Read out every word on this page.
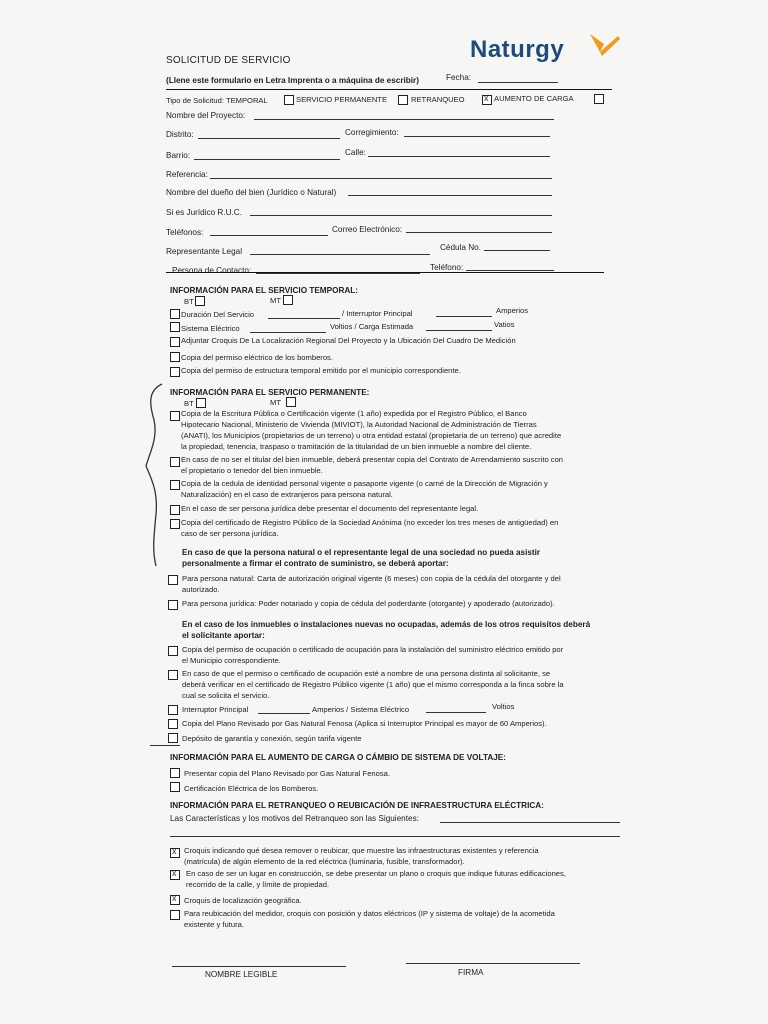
SOLICITUD DE SERVICIO	Naturgy
(Llene este formulario en Letra Imprenta o a máquina de escribir)	Fecha:
Tipo de Solicitud: TEMPORAL	SERVICIO PERMANENTE	RETRANQUEO
x	AUMENTO DE CARGA
Nombre del Proyecto:
Distrito:	Corregimiento:
Barrio:	Calle:
Referencia:
Nombre del dueño del bien (Jurídico o Natural)
Si es Jurídico R.U.C.
Teléfonos:	Correo Electrónico:
Representante Legal	Cédula No.
Persona de Contacto:	Teléfono:
INFORMACIÓN PARA EL SERVICIO TEMPORAL:
BT	MT
Duración Del Servicio	/ Interruptor Principal	Amperios
Sistema Eléctrico	Voltios / Carga Estimada	Vatios
Adjuntar Croquis De La Localización Regional Del Proyecto y la Ubicación Del Cuadro De Medición
Copia del permiso eléctrico de los bomberos.
Copia del permiso de estructura temporal emitido por el municipio correspondiente.
INFORMACIÓN PARA EL SERVICIO PERMANENTE:
BT	MT
Copia de la Escritura Pública o Certificación vigente (1 año) expedida por el Registro Público, el Banco
Hipotecario Nacional, Ministerio de Vivienda (MIVIOT), la Autoridad Nacional de Administración de Tierras
(ANATI), los Municipios (propietarios de un terreno) u otra entidad estatal (propietaria de un terreno) que acredite
la propiedad, tenencia, traspaso o tramitación de la titularidad de un bien inmueble a nombre del cliente.
En caso de no ser el titular del bien inmueble, deberá presentar copia del Contrato de Arrendamiento suscrito con
el propietario o tenedor del bien inmueble.
Copia de la cedula de identidad personal vigente o pasaporte vigente (o carné de la Dirección de Migración y
Naturalización) en el caso de extranjeros para persona natural.
En el caso de ser persona jurídica debe presentar el documento del representante legal.
Copia del certificado de Registro Público de la Sociedad Anónima (no exceder los tres meses de antigüedad) en
caso de ser persona jurídica.
En caso de que la persona natural o el representante legal de una sociedad no pueda asistir
personalmente a firmar el contrato de suministro, se deberá aportar:
Para persona natural: Carta de autorización original vigente (6 meses) con copia de la cédula del otorgante y del
autorizado.
Para persona jurídica: Poder notariado y copia de cédula del poderdante (otorgante) y apoderado (autorizado).
En el caso de los inmuebles o instalaciones nuevas no ocupadas, además de los otros requisitos deberá
el solicitante aportar:
Copia del permiso de ocupación o certificado de ocupación para la instalación del suministro eléctrico emitido por
el Municipio correspondiente.
En caso de que el permiso o certificado de ocupación esté a nombre de una persona distinta al solicitante, se
deberá verificar en el certificado de Registro Público vigente (1 año) que el mismo corresponda a la finca sobre la
cual se solicita el servicio.
Interruptor Principal	Amperios / Sistema Eléctrico	Voltios
Copia del Plano Revisado por Gas Natural Fenosa (Aplica si Interruptor Principal es mayor de 60 Amperios).
Depósito de garantía y conexión, según tarifa vigente
INFORMACIÓN PARA EL AUMENTO DE CARGA O CÁMBIO DE SISTEMA DE VOLTAJE:
Presentar copia del Plano Revisado por Gas Natural Fenosa.
Certificación Eléctrica de los Bomberos.
INFORMACIÓN PARA EL RETRANQUEO O REUBICACIÓN DE INFRAESTRUCTURA ELÉCTRICA:
Las Características y los motivos del Retranqueo son las Siguientes:
x
Croquis indicando qué desea remover o reubicar, que muestre las infraestructuras existentes y referencia
(matrícula) de algún elemento de la red eléctrica (luminaria, fusible, transformador).
x
En caso de ser un lugar en construcción, se debe presentar un plano o croquis que indique futuras edificaciones,
recorrido de la calle, y límite de propiedad.
x
Croquis de localización geográfica.
Para reubicación del medidor, croquis con posición y datos eléctricos (IP y sistema de voltaje) de la acometida
existente y futura.
NOMBRE LEGIBLE	FIRMA
